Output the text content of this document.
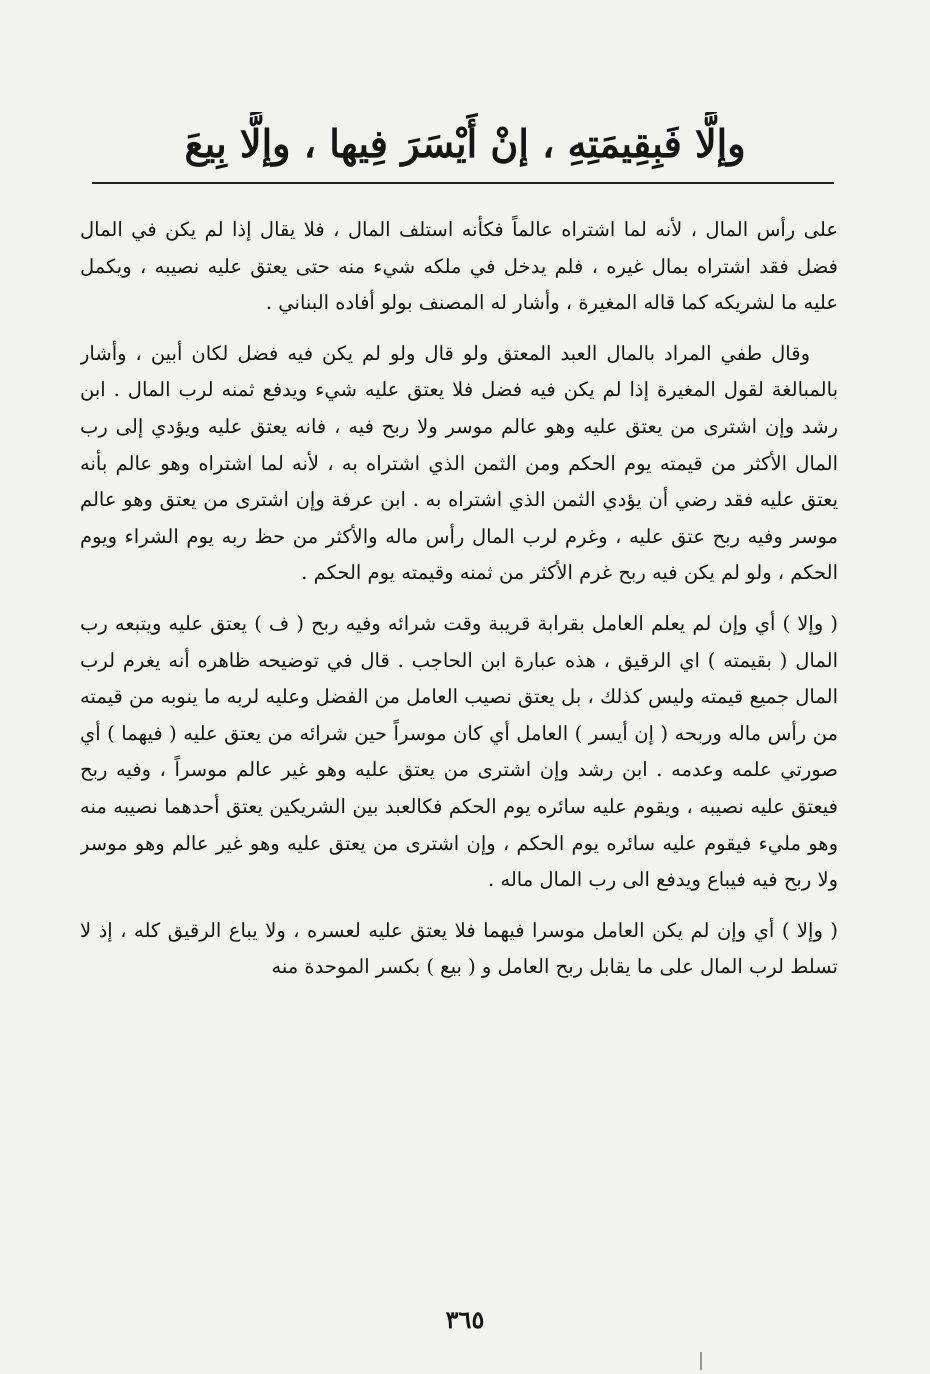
وإلَّا فَبِقِيمَتِهِ ، إنْ أَيْسَرَ فِيها ، وإلَّا بِيعَ

على رأس المال ، لأنه لما اشتراه عالماً فكأنه استلف المال ، فلا يقال إذا لم يكن في المال فضل فقد اشتراه بمال غيره ، فلم يدخل في ملكه شيء منه حتى يعتق عليه نصيبه ، ويكمل عليه ما لشريكه كما قاله المغيرة ، وأشار له المصنف بولو أفاده البناني .

وقال طفي المراد بالمال العبد المعتق ولو قال ولو لم يكن فيه فضل لكان أبين ، وأشار بالمبالغة لقول المغيرة إذا لم يكن فيه فضل فلا يعتق عليه شيء ويدفع ثمنه لرب المال . ابن رشد وإن اشترى من يعتق عليه وهو عالم موسر ولا ربح فيه ، فانه يعتق عليه ويؤدي إلى رب المال الأكثر من قيمته يوم الحكم ومن الثمن الذي اشتراه به ، لأنه لما اشتراه وهو عالم بأنه يعتق عليه فقد رضي أن يؤدي الثمن الذي اشتراه به . ابن عرفة وإن اشترى من يعتق وهو عالم موسر وفيه ربح عتق عليه ، وغرم لرب المال رأس ماله والأكثر من حظ ربه يوم الشراء ويوم الحكم ، ولو لم يكن فيه ربح غرم الأكثر من ثمنه وقيمته يوم الحكم .

( وإلا ) أي وإن لم يعلم العامل بقرابة قريبة وقت شرائه وفيه ربح ( ف ) يعتق عليه ويتبعه رب المال ( بقيمته ) اي الرقيق ، هذه عبارة ابن الحاجب . قال في توضيحه ظاهره أنه يغرم لرب المال جميع قيمته وليس كذلك ، بل يعتق نصيب العامل من الفضل وعليه لربه ما ينوبه من قيمته من رأس ماله وربحه ( إن أيسر ) العامل أي كان موسراً حين شرائه من يعتق عليه ( فيهما ) أي صورتي علمه وعدمه . ابن رشد وإن اشترى من يعتق عليه وهو غير عالم موسراً ، وفيه ربح فيعتق عليه نصيبه ، ويقوم عليه سائره يوم الحكم فكالعبد بين الشريكين يعتق أحدهما نصيبه منه وهو مليء فيقوم عليه سائره يوم الحكم ، وإن اشترى من يعتق عليه وهو غير عالم وهو موسر ولا ربح فيه فيباع ويدفع الى رب المال ماله .

( وإلا ) أي وإن لم يكن العامل موسرا فيهما فلا يعتق عليه لعسره ، ولا يباع الرقيق كله ، إذ لا تسلط لرب المال على ما يقابل ربح العامل و ( بيع ) بكسر الموحدة منه

٣٦٥
